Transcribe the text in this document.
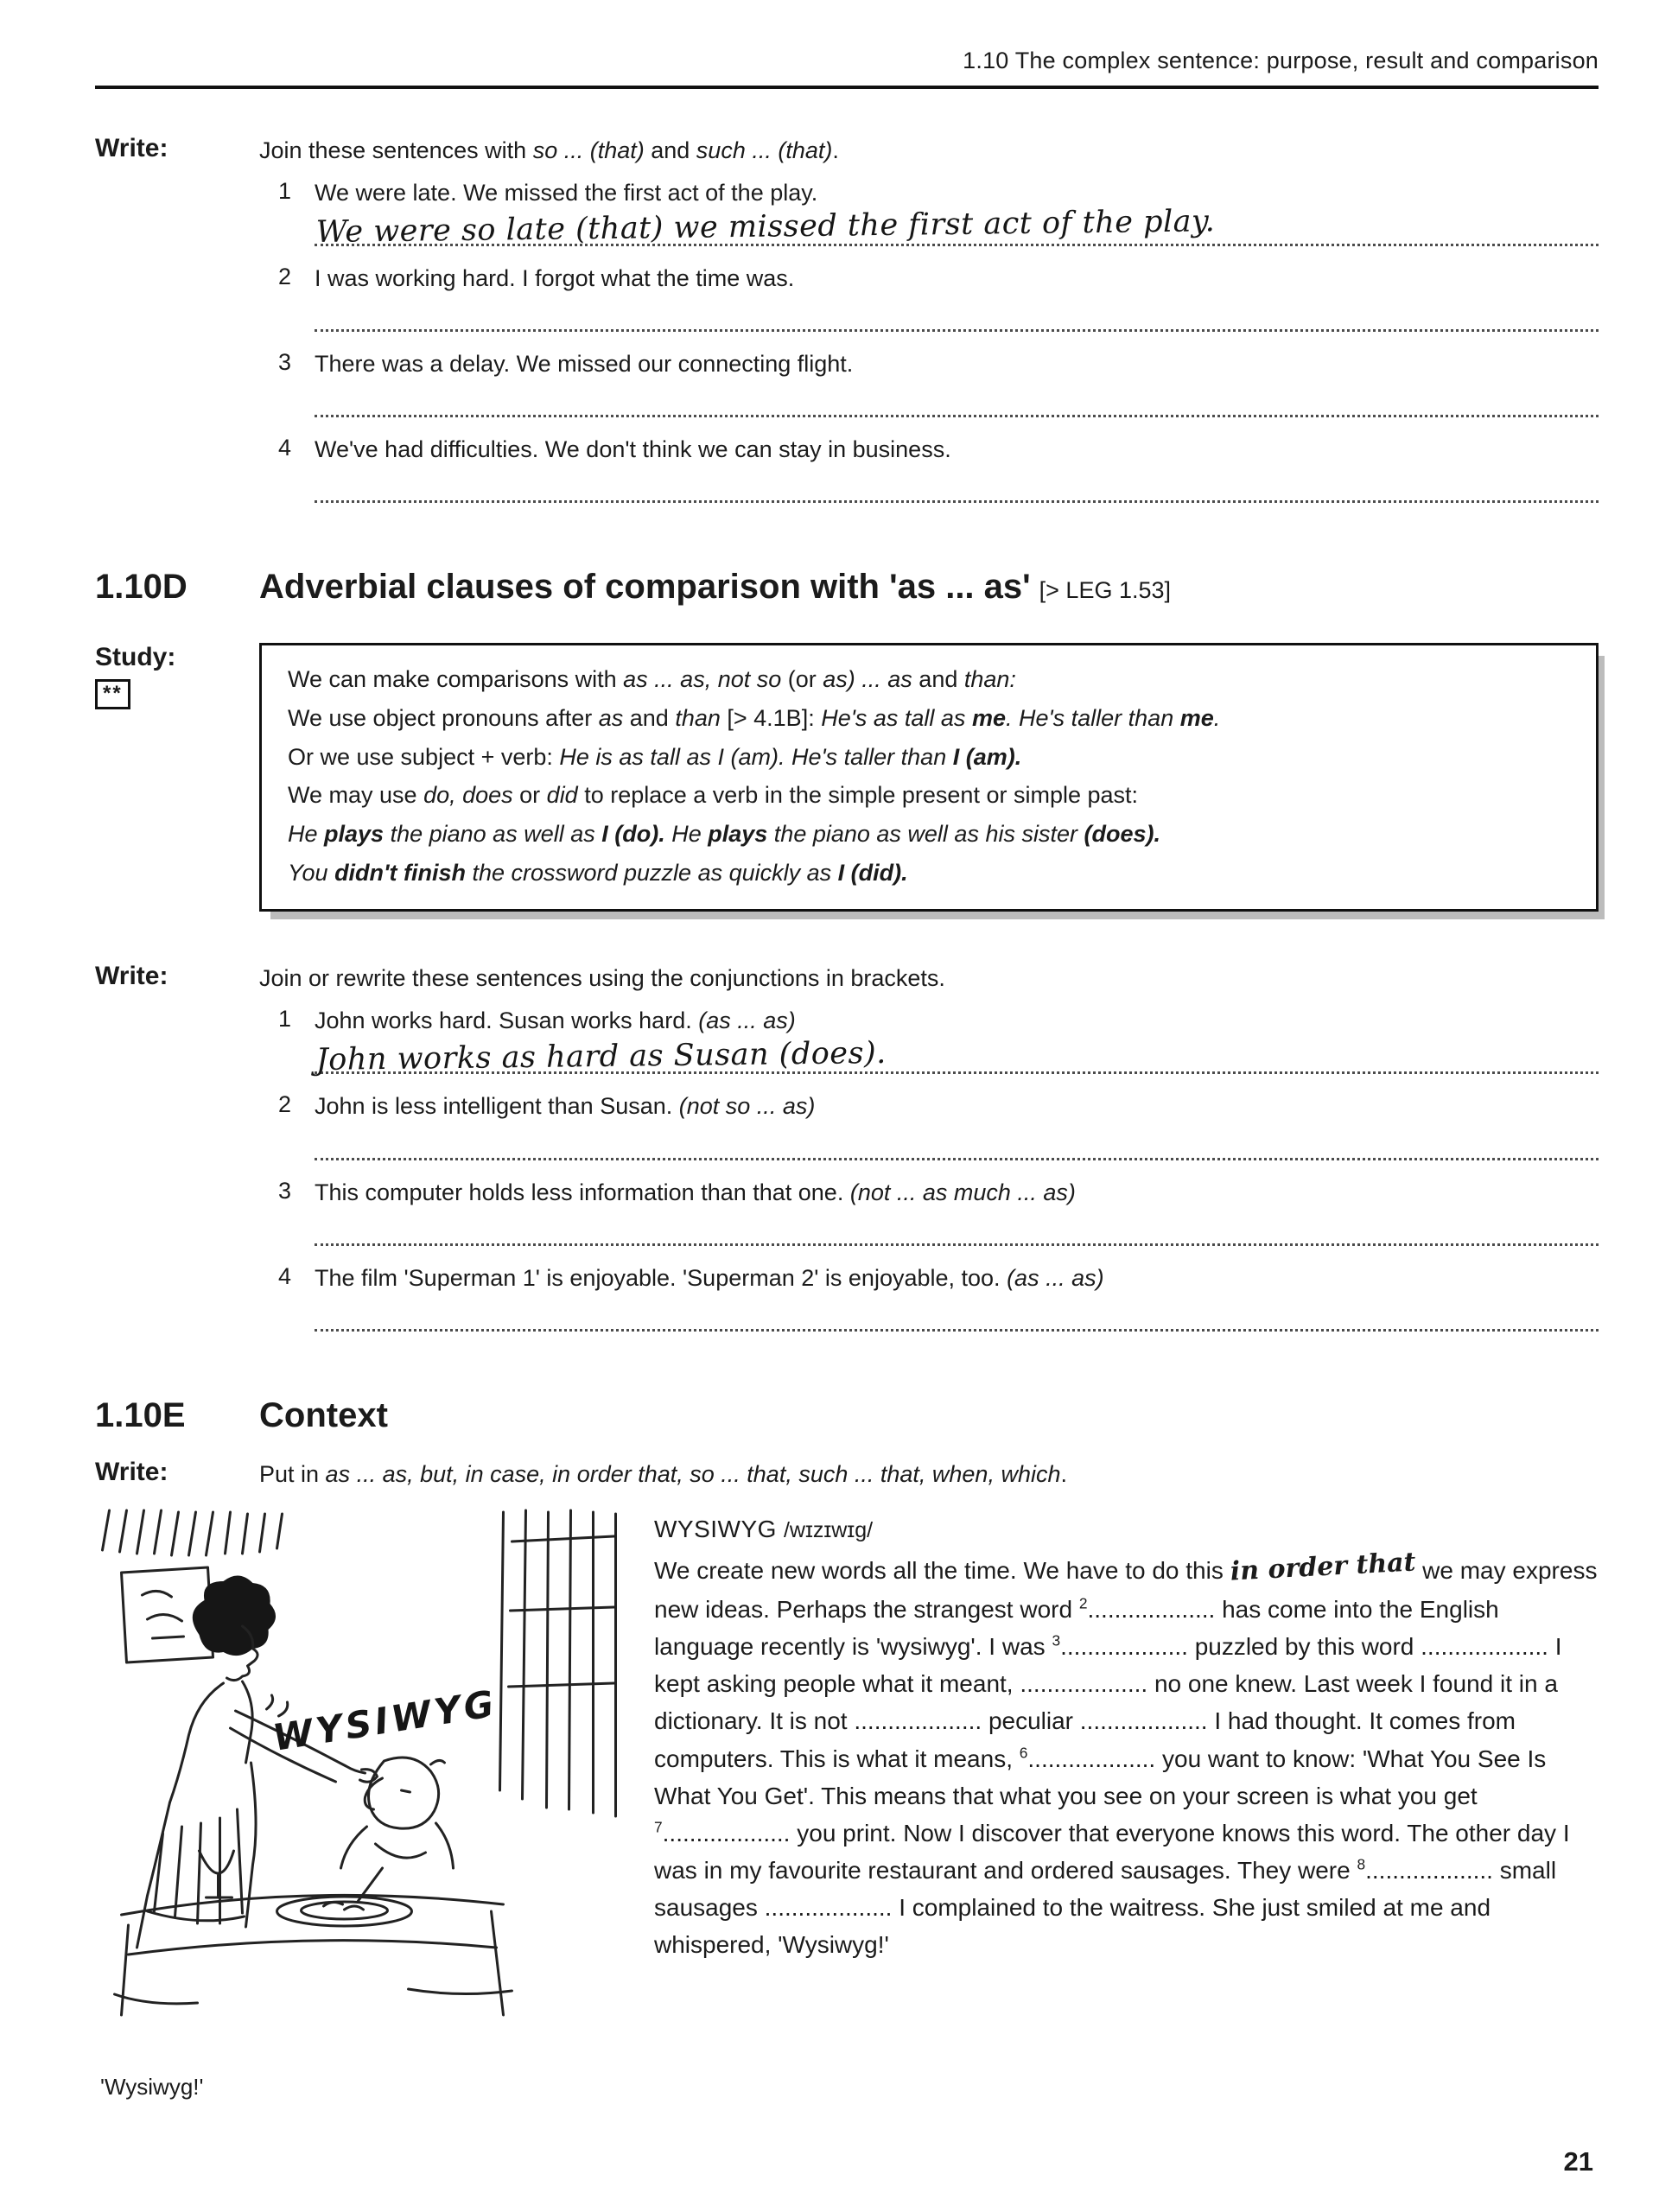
1.10 The complex sentence: purpose, result and comparison
Write:	Join these sentences with so ... (that) and such ... (that).
1 We were late. We missed the first act of the play.
We were so late (that) we missed the first act of the play.
2 I was working hard. I forgot what the time was.
3 There was a delay. We missed our connecting flight.
4 We've had difficulties. We don't think we can stay in business.
1.10D	Adverbial clauses of comparison with 'as ... as' [> LEG 1.53]
Study:
**
We can make comparisons with as ... as, not so (or as) ... as and than:
We use object pronouns after as and than [> 4.1B]: He's as tall as me. He's taller than me.
Or we use subject + verb: He is as tall as I (am). He's taller than I (am).
We may use do, does or did to replace a verb in the simple present or simple past:
He plays the piano as well as I (do). He plays the piano as well as his sister (does).
You didn't finish the crossword puzzle as quickly as I (did).
Write:	Join or rewrite these sentences using the conjunctions in brackets.
1 John works hard. Susan works hard. (as ... as)
John works as hard as Susan (does).
2 John is less intelligent than Susan. (not so ... as)
3 This computer holds less information than that one. (not ... as much ... as)
4 The film 'Superman 1' is enjoyable. 'Superman 2' is enjoyable, too. (as ... as)
1.10E	Context
Write:	Put in as ... as, but, in case, in order that, so ... that, such ... that, when, which.
WYSIWYG
'Wysiwyg!'
WYSIWYG /wɪzɪwɪg/
We create new words all the time. We have to do this in order that we may express new ideas. Perhaps the strangest word $^2$................... has come into the English language recently is 'wysiwyg'. I was $^3$................... puzzled by this word ................... I kept asking people what it meant, ................... no one knew. Last week I found it in a dictionary. It is not ................... peculiar ................... I had thought. It comes from computers. This is what it means, $^6$................... you want to know: 'What You See Is What You Get'. This means that what you see on your screen is what you get $^7$................... you print. Now I discover that everyone knows this word. The other day I was in my favourite restaurant and ordered sausages. They were $^8$................... small sausages ................... I complained to the waitress. She just smiled at me and whispered, 'Wysiwyg!'
21
